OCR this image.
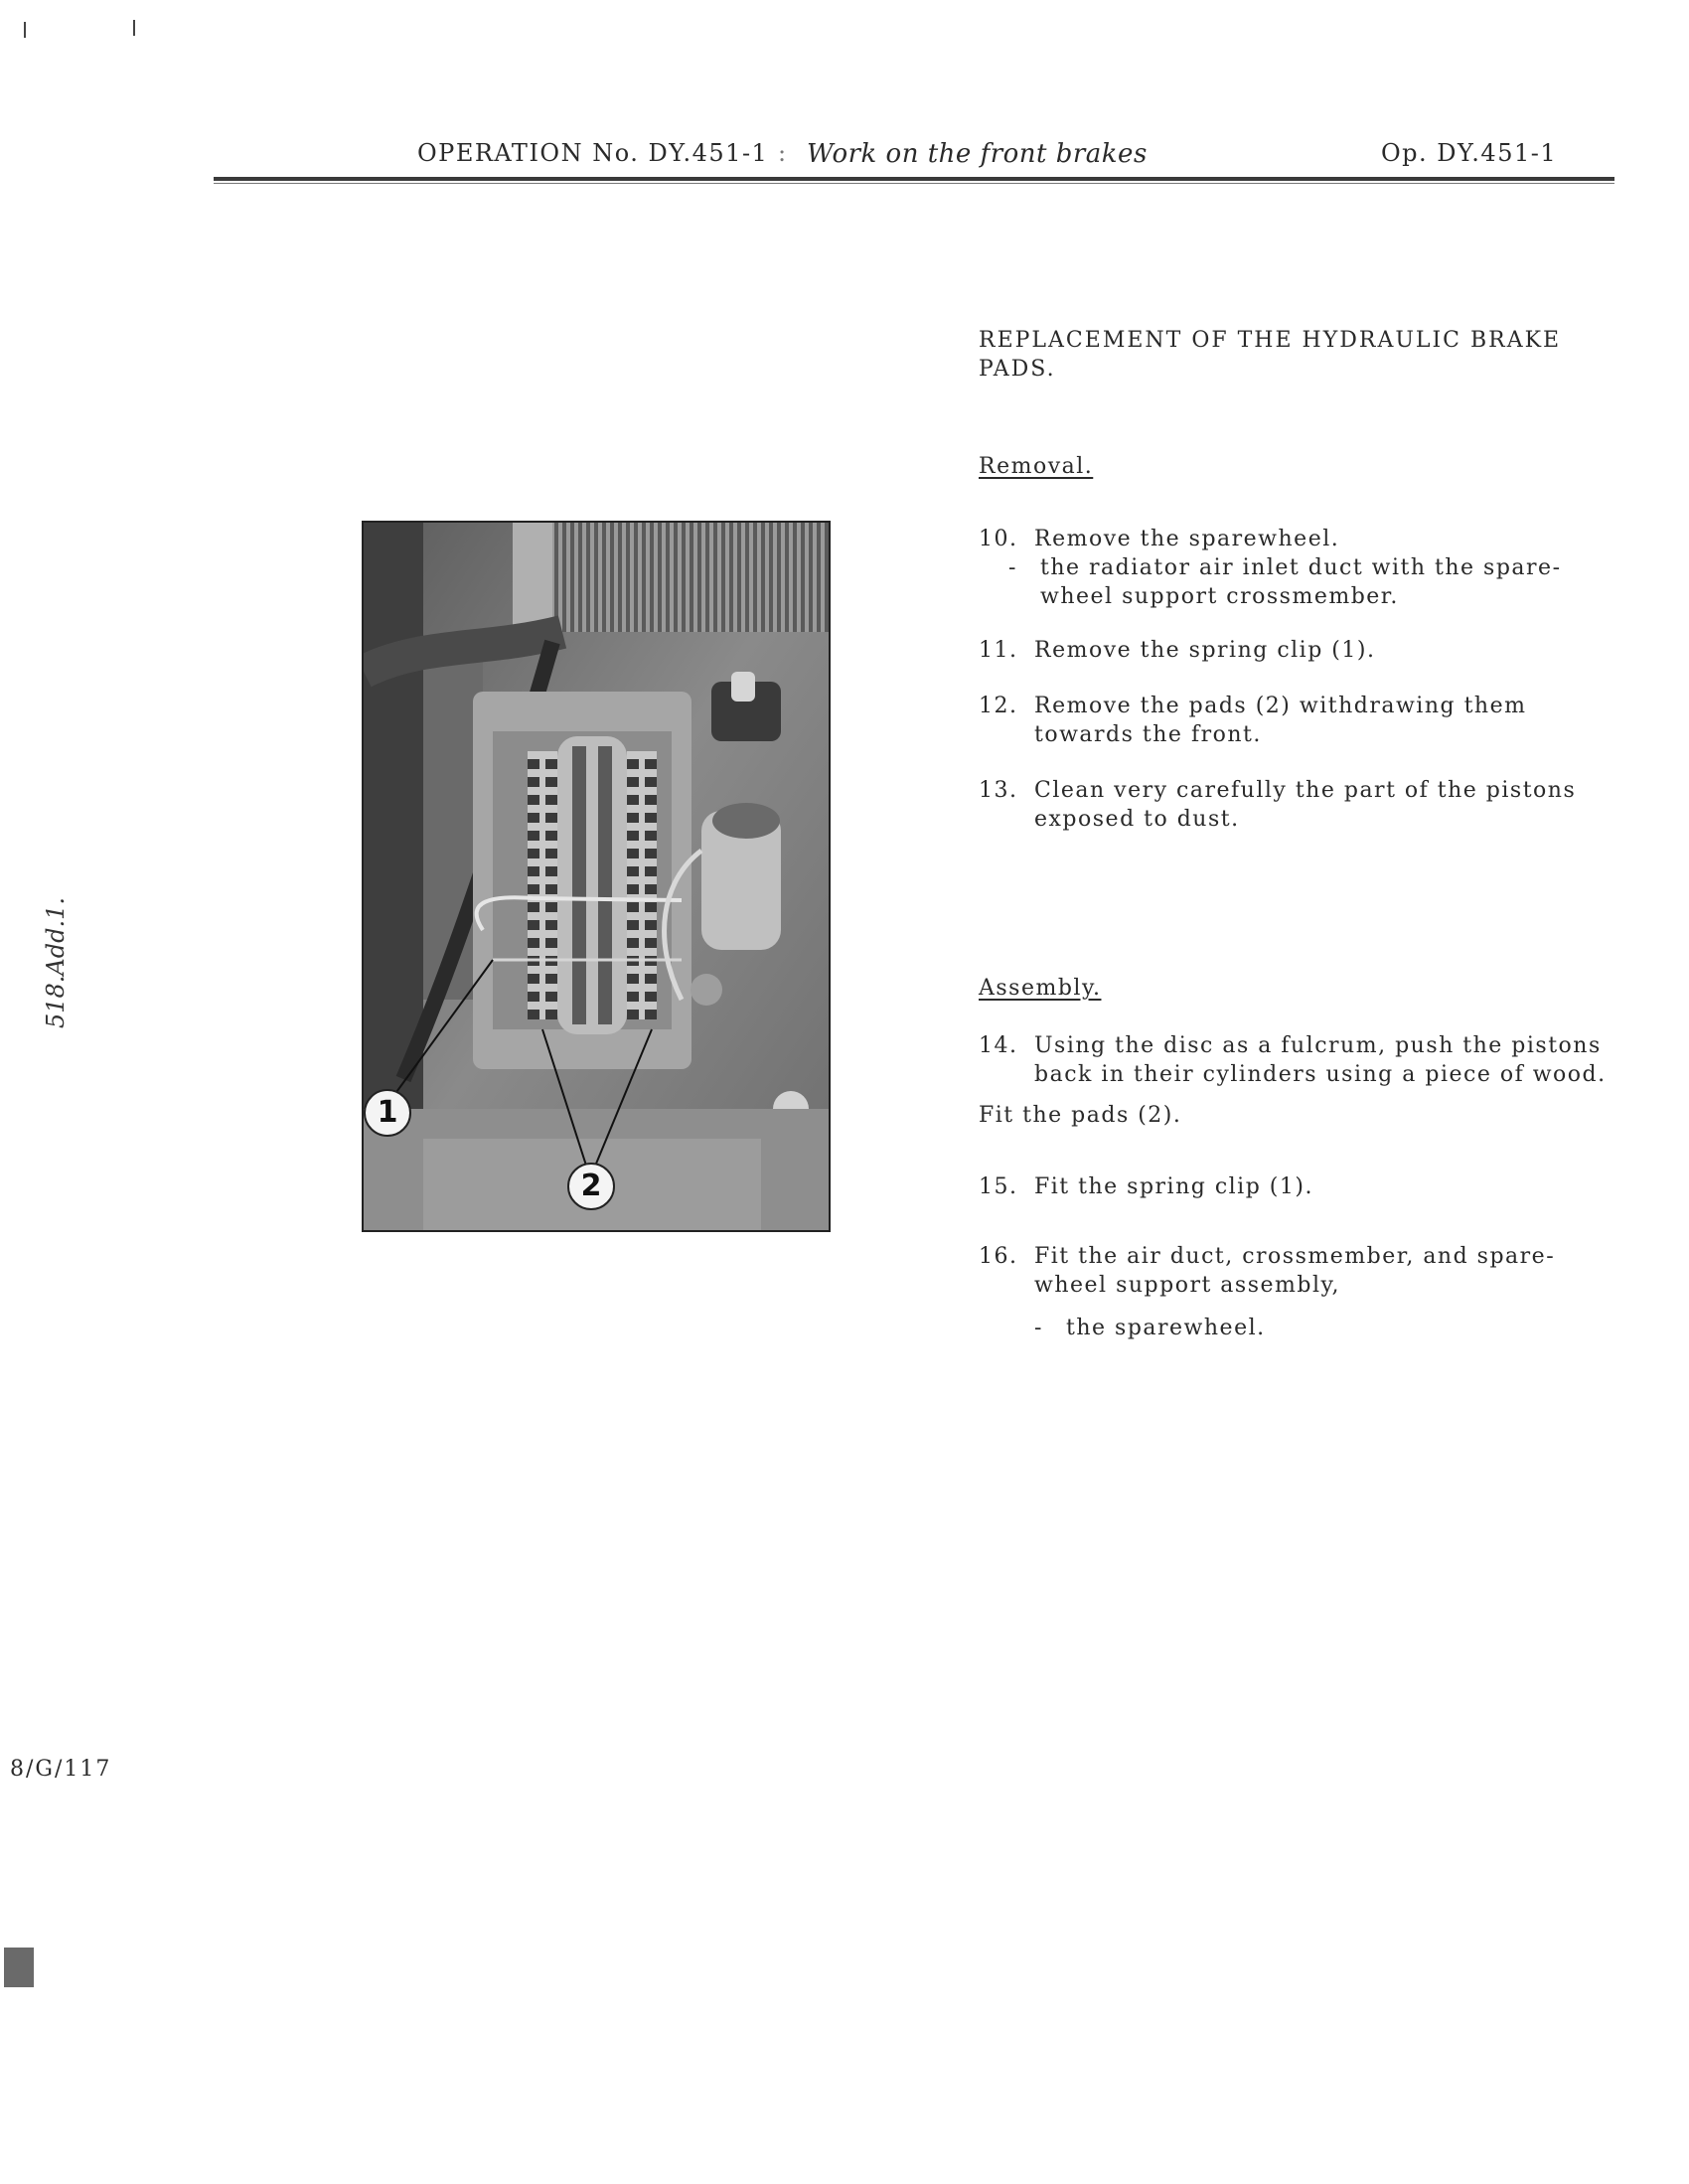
OPERATION No. DY.451-1 : Work on the front brakes	Op. DY.451-1
REPLACEMENT OF THE HYDRAULIC BRAKE PADS.
Removal.
10. Remove the sparewheel.
-	the radiator air inlet duct with the spare-wheel support crossmember.
11. Remove the spring clip (1).
12. Remove the pads (2) withdrawing them towards the front.
13. Clean very carefully the part of the pistons exposed to dust.
Assembly.
14. Using the disc as a fulcrum, push the pistons back in their cylinders using a piece of wood.
Fit the pads (2).
15. Fit the spring clip (1).
16. Fit the air duct, crossmember, and spare-wheel support assembly,
-	the sparewheel.
1
2
518.Add.1.
8/G/117
